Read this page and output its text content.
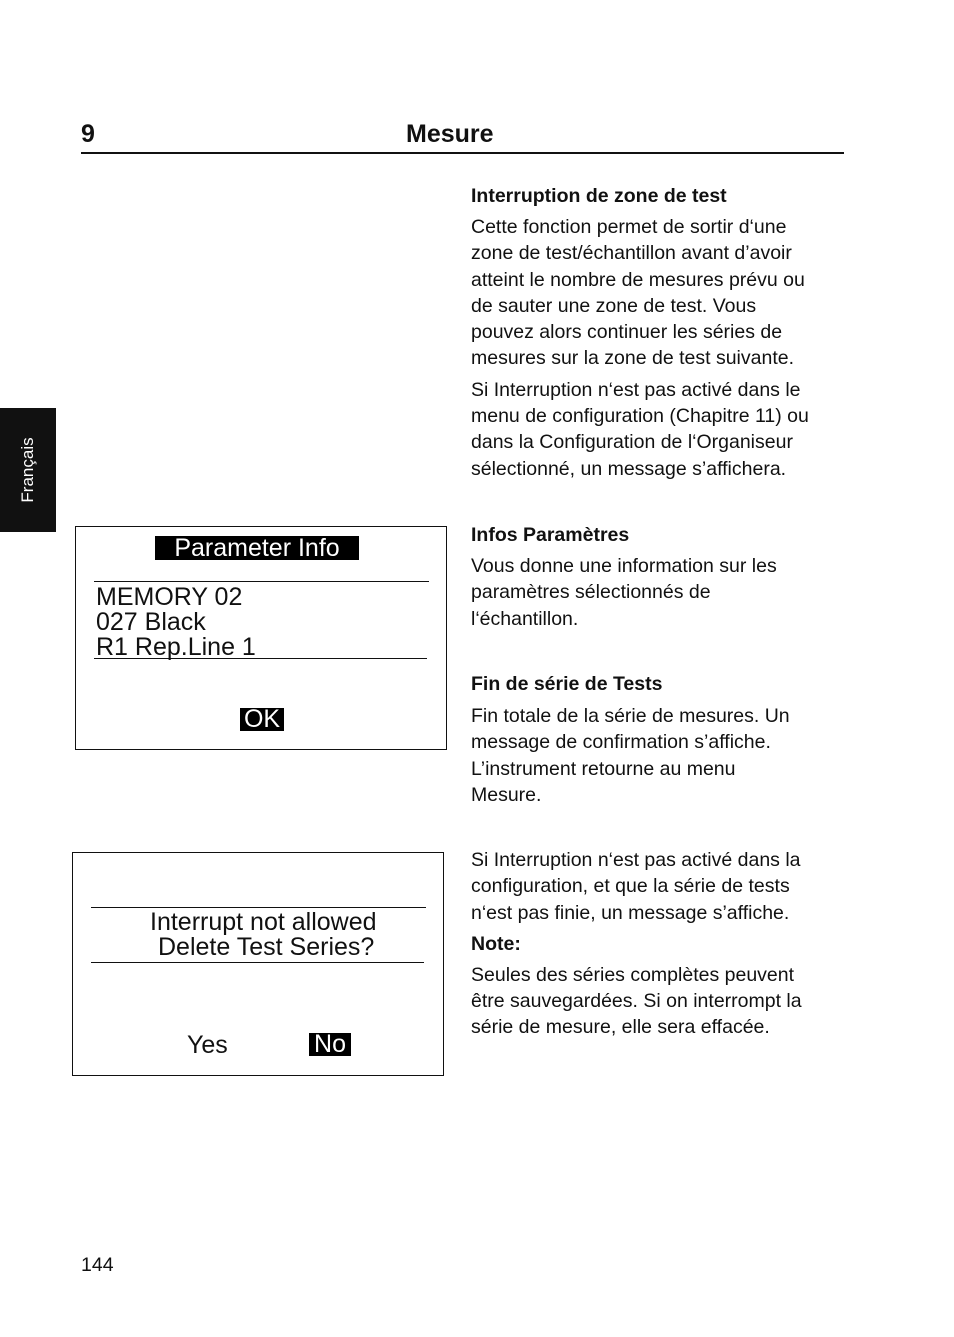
9	Mesure
Français
Interruption de zone de test

Cette fonction permet de sortir d‘une
zone de test/échantillon avant d’avoir
atteint le nombre de mesures prévu ou
de sauter une zone de test. Vous
pouvez alors continuer les séries de
mesures sur la zone de test suivante.

Si Interruption n‘est pas activé dans le
menu de configuration (Chapitre 11) ou
dans la Configuration de l‘Organiseur
sélectionné, un message s’affichera.

Infos Paramètres

Vous donne une information sur les
paramètres sélectionnés de
l‘échantillon.

Fin de série de Tests

Fin totale de la série de mesures. Un
message de confirmation s’affiche.
L’instrument retourne au menu
Mesure.

Si Interruption n‘est pas activé dans la
configuration, et que la série de tests
n‘est pas finie, un message s’affiche.

Note:

Seules des séries complètes peuvent
être sauvegardées. Si on interrompt la
série de mesure, elle sera effacée.

Parameter Info
MEMORY 02
027 Black
R1 Rep.Line 1
OK
Interrupt not allowed
Delete Test Series?
Yes	No
144
